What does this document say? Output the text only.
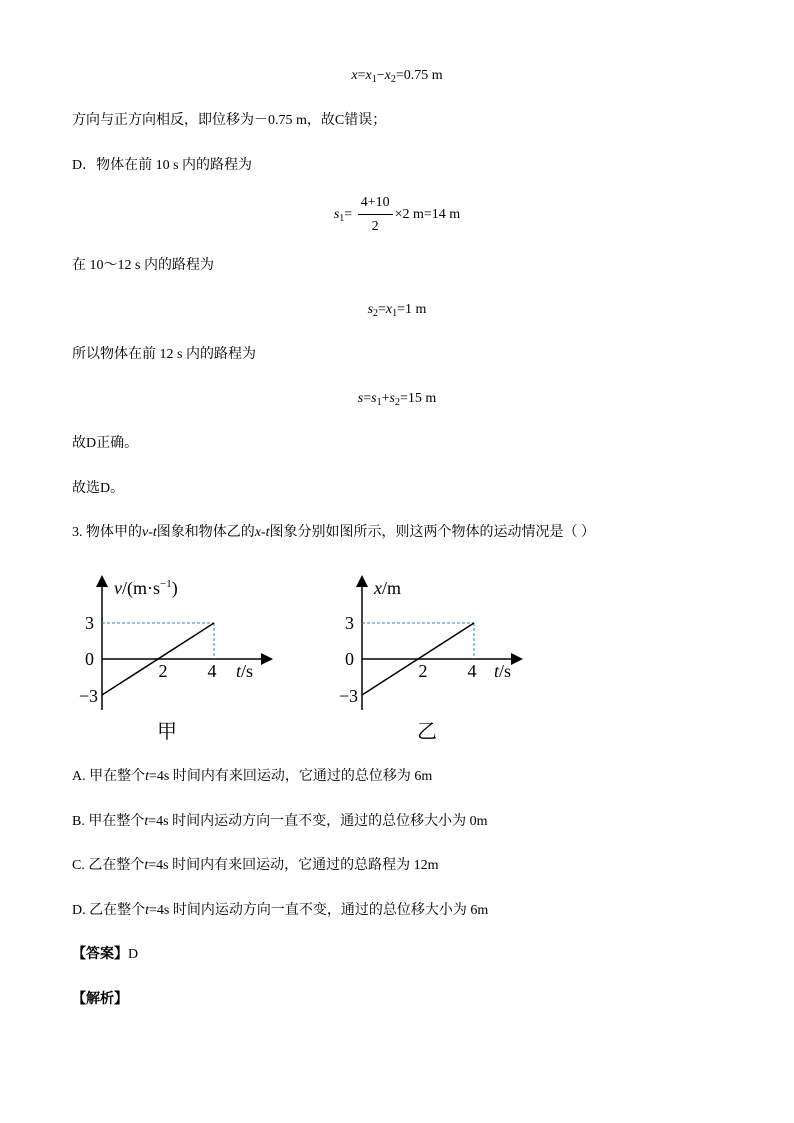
$x=x_1-x_2=0.75$ m
方向与正方向相反，即位移为－0.75 m，故C错误；
D．物体在前 10 s 内的路程为
$s_1= \frac{4+10}{2} \times 2$ m=14 m
在 10～12 s 内的路程为
$s_2=x_1=1$ m
所以物体在前 12 s 内的路程为
$s=s_1+s_2=15$ m
故D正确。
故选D。
3. 物体甲的v-t图象和物体乙的x-t图象分别如图所示，则这两个物体的运动情况是（ ）
$v/(m\cdot s^{-1})$
3
0
−3
2 4 t/s
甲
x/m
3
0
−3
2 4 t/s
乙
A. 甲在整个t=4s 时间内有来回运动，它通过的总位移为 6m
B. 甲在整个t=4s 时间内运动方向一直不变，通过的总位移大小为 0m
C. 乙在整个t=4s 时间内有来回运动，它通过的总路程为 12m
D. 乙在整个t=4s 时间内运动方向一直不变，通过的总位移大小为 6m
【答案】D
【解析】
